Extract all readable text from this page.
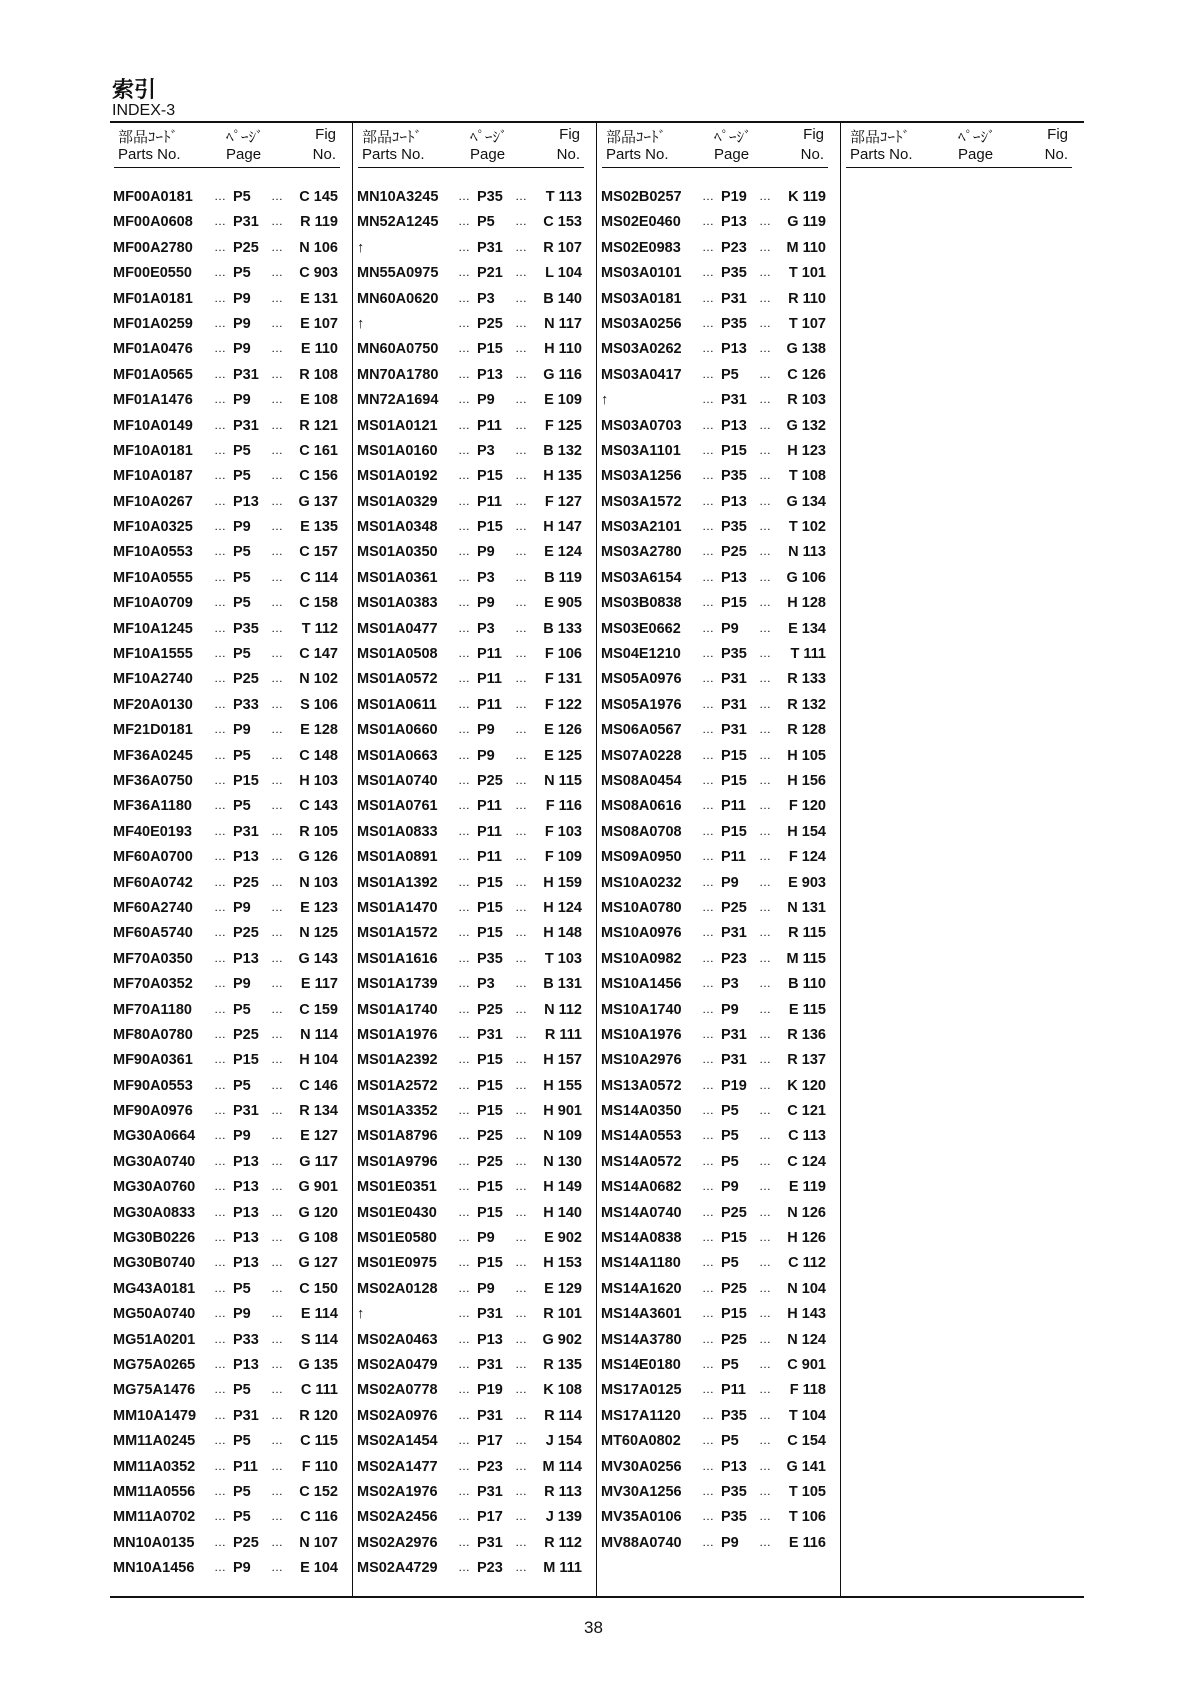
索引
INDEX-3
部品ｺｰﾄﾞ	ﾍﾟｰｼﾞ	Fig
Parts No.	Page	No.
部品ｺｰﾄﾞ	ﾍﾟｰｼﾞ	Fig
Parts No.	Page	No.
部品ｺｰﾄﾞ	ﾍﾟｰｼﾞ	Fig
Parts No.	Page	No.
部品ｺｰﾄﾞ	ﾍﾟｰｼﾞ	Fig
Parts No.	Page	No.
MF00A0181 … P5 … C 145
MF00A0608 … P31 … R 119
MF00A2780 … P25 … N 106
MF00E0550 … P5 … C 903
MF01A0181 … P9 … E 131
MF01A0259 … P9 … E 107
MF01A0476 … P9 … E 110
MF01A0565 … P31 … R 108
MF01A1476 … P9 … E 108
MF10A0149 … P31 … R 121
MF10A0181 … P5 … C 161
MF10A0187 … P5 … C 156
MF10A0267 … P13 … G 137
MF10A0325 … P9 … E 135
MF10A0553 … P5 … C 157
MF10A0555 … P5 … C 114
MF10A0709 … P5 … C 158
MF10A1245 … P35 … T 112
MF10A1555 … P5 … C 147
MF10A2740 … P25 … N 102
MF20A0130 … P33 … S 106
MF21D0181 … P9 … E 128
MF36A0245 … P5 … C 148
MF36A0750 … P15 … H 103
MF36A1180 … P5 … C 143
MF40E0193 … P31 … R 105
MF60A0700 … P13 … G 126
MF60A0742 … P25 … N 103
MF60A2740 … P9 … E 123
MF60A5740 … P25 … N 125
MF70A0350 … P13 … G 143
MF70A0352 … P9 … E 117
MF70A1180 … P5 … C 159
MF80A0780 … P25 … N 114
MF90A0361 … P15 … H 104
MF90A0553 … P5 … C 146
MF90A0976 … P31 … R 134
MG30A0664 … P9 … E 127
MG30A0740 … P13 … G 117
MG30A0760 … P13 … G 901
MG30A0833 … P13 … G 120
MG30B0226 … P13 … G 108
MG30B0740 … P13 … G 127
MG43A0181 … P5 … C 150
MG50A0740 … P9 … E 114
MG51A0201 … P33 … S 114
MG75A0265 … P13 … G 135
MG75A1476 … P5 … C 111
MM10A1479 … P31 … R 120
MM11A0245 … P5 … C 115
MM11A0352 … P11 … F 110
MM11A0556 … P5 … C 152
MM11A0702 … P5 … C 116
MN10A0135 … P25 … N 107
MN10A1456 … P9 … E 104
MN10A3245 … P35 … T 113
MN52A1245 … P5 … C 153
↑	… P31 … R 107
MN55A0975 … P21 … L 104
MN60A0620 … P3 … B 140
↑	… P25 … N 117
MN60A0750 … P15 … H 110
MN70A1780 … P13 … G 116
MN72A1694 … P9 … E 109
MS01A0121 … P11 … F 125
MS01A0160 … P3 … B 132
MS01A0192 … P15 … H 135
MS01A0329 … P11 … F 127
MS01A0348 … P15 … H 147
MS01A0350 … P9 … E 124
MS01A0361 … P3 … B 119
MS01A0383 … P9 … E 905
MS01A0477 … P3 … B 133
MS01A0508 … P11 … F 106
MS01A0572 … P11 … F 131
MS01A0611 … P11 … F 122
MS01A0660 … P9 … E 126
MS01A0663 … P9 … E 125
MS01A0740 … P25 … N 115
MS01A0761 … P11 … F 116
MS01A0833 … P11 … F 103
MS01A0891 … P11 … F 109
MS01A1392 … P15 … H 159
MS01A1470 … P15 … H 124
MS01A1572 … P15 … H 148
MS01A1616 … P35 … T 103
MS01A1739 … P3 … B 131
MS01A1740 … P25 … N 112
MS01A1976 … P31 … R 111
MS01A2392 … P15 … H 157
MS01A2572 … P15 … H 155
MS01A3352 … P15 … H 901
MS01A8796 … P25 … N 109
MS01A9796 … P25 … N 130
MS01E0351 … P15 … H 149
MS01E0430 … P15 … H 140
MS01E0580 … P9 … E 902
MS01E0975 … P15 … H 153
MS02A0128 … P9 … E 129
↑	… P31 … R 101
MS02A0463 … P13 … G 902
MS02A0479 … P31 … R 135
MS02A0778 … P19 … K 108
MS02A0976 … P31 … R 114
MS02A1454 … P17 … J 154
MS02A1477 … P23 … M 114
MS02A1976 … P31 … R 113
MS02A2456 … P17 … J 139
MS02A2976 … P31 … R 112
MS02A4729 … P23 … M 111
MS02B0257 … P19 … K 119
MS02E0460 … P13 … G 119
MS02E0983 … P23 … M 110
MS03A0101 … P35 … T 101
MS03A0181 … P31 … R 110
MS03A0256 … P35 … T 107
MS03A0262 … P13 … G 138
MS03A0417 … P5 … C 126
↑	… P31 … R 103
MS03A0703 … P13 … G 132
MS03A1101 … P15 … H 123
MS03A1256 … P35 … T 108
MS03A1572 … P13 … G 134
MS03A2101 … P35 … T 102
MS03A2780 … P25 … N 113
MS03A6154 … P13 … G 106
MS03B0838 … P15 … H 128
MS03E0662 … P9 … E 134
MS04E1210 … P35 … T 111
MS05A0976 … P31 … R 133
MS05A1976 … P31 … R 132
MS06A0567 … P31 … R 128
MS07A0228 … P15 … H 105
MS08A0454 … P15 … H 156
MS08A0616 … P11 … F 120
MS08A0708 … P15 … H 154
MS09A0950 … P11 … F 124
MS10A0232 … P9 … E 903
MS10A0780 … P25 … N 131
MS10A0976 … P31 … R 115
MS10A0982 … P23 … M 115
MS10A1456 … P3 … B 110
MS10A1740 … P9 … E 115
MS10A1976 … P31 … R 136
MS10A2976 … P31 … R 137
MS13A0572 … P19 … K 120
MS14A0350 … P5 … C 121
MS14A0553 … P5 … C 113
MS14A0572 … P5 … C 124
MS14A0682 … P9 … E 119
MS14A0740 … P25 … N 126
MS14A0838 … P15 … H 126
MS14A1180 … P5 … C 112
MS14A1620 … P25 … N 104
MS14A3601 … P15 … H 143
MS14A3780 … P25 … N 124
MS14E0180 … P5 … C 901
MS17A0125 … P11 … F 118
MS17A1120 … P35 … T 104
MT60A0802 … P5 … C 154
MV30A0256 … P13 … G 141
MV30A1256 … P35 … T 105
MV35A0106 … P35 … T 106
MV88A0740 … P9 … E 116
38
